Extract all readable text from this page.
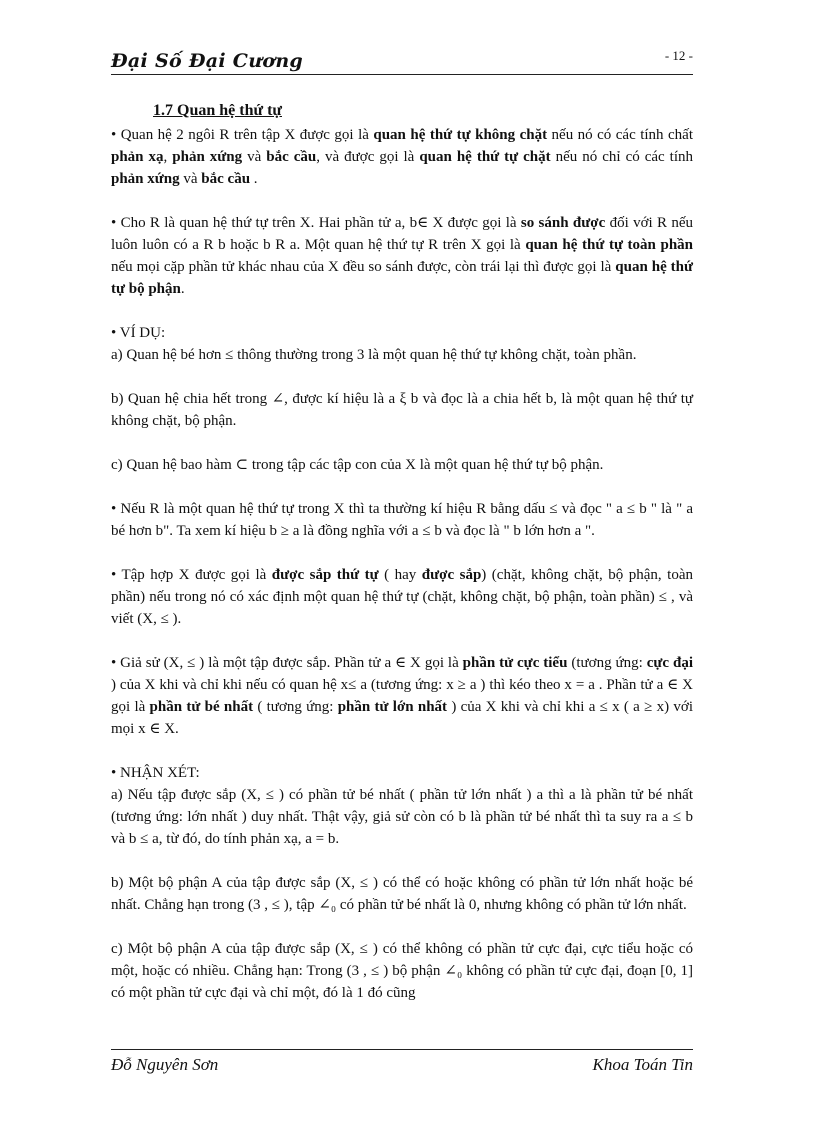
Đại Số Đại Cương	- 12 -
1.7 Quan hệ thứ tự

• Quan hệ 2 ngôi R trên tập X được gọi là quan hệ thứ tự không chặt nếu nó có các tính chất phản xạ, phản xứng và bắc cầu, và được gọi là quan hệ thứ tự chặt nếu nó chỉ có các tính phản xứng và bắc cầu .

• Cho R là quan hệ thứ tự trên X. Hai phần tử a, b∈ X được gọi là so sánh được đối với R nếu luôn luôn có a R b hoặc b R a. Một quan hệ thứ tự R trên X gọi là quan hệ thứ tự toàn phần nếu mọi cặp phần tử khác nhau của X đều so sánh được, còn trái lại thì được gọi là quan hệ thứ tự bộ phận.

• VÍ DỤ:

a) Quan hệ bé hơn ≤ thông thường trong 3 là một quan hệ thứ tự không chặt, toàn phần.

b) Quan hệ chia hết trong ∠, được kí hiệu là a ξ b và đọc là a chia hết b, là một quan hệ thứ tự không chặt, bộ phận.

c) Quan hệ bao hàm ⊂ trong tập các tập con của X là một quan hệ thứ tự bộ phận.

• Nếu R là một quan hệ thứ tự trong X thì ta thường kí hiệu R bằng dấu ≤ và đọc " a ≤ b " là " a bé hơn b". Ta xem kí hiệu b ≥ a là đồng nghĩa với a ≤ b và đọc là " b lớn hơn a ".

• Tập hợp X được gọi là được sắp thứ tự ( hay được sắp) (chặt, không chặt, bộ phận, toàn phần) nếu trong nó có xác định một quan hệ thứ tự (chặt, không chặt, bộ phận, toàn phần) ≤ , và viết (X, ≤ ).

• Giả sử (X, ≤ ) là một tập được sắp. Phần tử a ∈ X gọi là phần tử cực tiểu (tương ứng: cực đại ) của X khi và chỉ khi nếu có quan hệ x≤ a (tương ứng: x ≥ a ) thì kéo theo x = a . Phần tử a ∈ X gọi là phần tử bé nhất ( tương ứng: phần tử lớn nhất ) của X khi và chỉ khi a ≤ x ( a ≥ x) với mọi x ∈ X.

• NHẬN XÉT:

a) Nếu tập được sắp (X, ≤ ) có phần tử bé nhất ( phần tử lớn nhất ) a thì a là phần tử bé nhất (tương ứng: lớn nhất ) duy nhất. Thật vậy, giả sử còn có b là phần tử bé nhất thì ta suy ra a ≤ b và b ≤ a, từ đó, do tính phản xạ, a = b.

b) Một bộ phận A của tập được sắp (X, ≤ ) có thể có hoặc không có phần tử lớn nhất hoặc bé nhất. Chẳng hạn trong (3 , ≤ ), tập ∠₀ có phần tử bé nhất là 0, nhưng không có phần tử lớn nhất.

c) Một bộ phận A của tập được sắp (X, ≤ ) có thể không có phần tử cực đại, cực tiểu hoặc có một, hoặc có nhiều. Chẳng hạn: Trong (3 , ≤ ) bộ phận ∠₀ không có phần tử cực đại, đoạn [0, 1] có một phần tử cực đại và chỉ một, đó là 1 đó cũng

Đỗ Nguyên Sơn	Khoa Toán Tin
